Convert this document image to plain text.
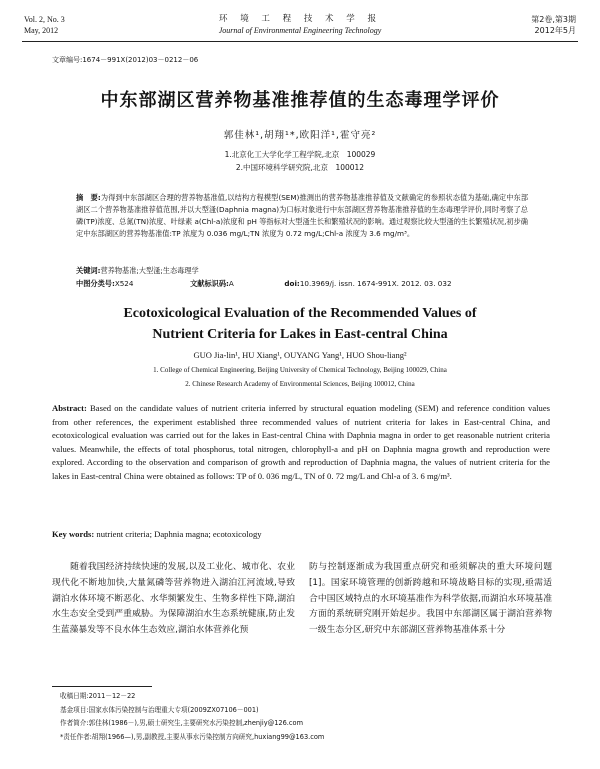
Vol. 2, No. 3
May, 2012
环 境 工 程 技 术 学 报
Journal of Environmental Engineering Technology
第2卷,第3期
2012年5月
文章编号:1674－991X(2012)03－0212－06
中东部湖区营养物基准推荐值的生态毒理学评价
郭佳林¹,胡翔¹*,欧阳洋¹,霍守亮²
1.北京化工大学化学工程学院,北京　100029
2.中国环境科学研究院,北京　100012
摘　要:为得到中东部湖区合理的营养物基准值,以结构方程模型(SEM)推测出的营养物基准推荐值及文献确定的参照状态值为基础,确定中东部湖区二个营养物基准推荐值范围,并以大型溞(Daphnia magna)为口标对象进行中东部湖区营养物基准推荐值的生态毒理学评价,同时考察了总磷(TP)浓度、总氮(TN)浓度、叶绿素 a(Chl-a)浓度和 pH 等指标对大型溞生长和繁殖状况的影响。通过观察比较大型溞的生长繁殖状况,初步确定中东部湖区的营养物基准值:TP 浓度为 0.036 mg/L;TN 浓度为 0.72 mg/L;Chl-a 浓度为 3.6 mg/m³。
关键词:营养物基准;大型溞;生态毒理学
中图分类号:X524	文献标识码:A	doi:10.3969/j. issn. 1674-991X. 2012. 03. 032
Ecotoxicological Evaluation of the Recommended Values of
Nutrient Criteria for Lakes in East-central China
GUO Jia-lin¹, HU Xiang¹, OUYANG Yang¹, HUO Shou-liang²
1. College of Chemical Engineering, Beijing University of Chemical Technology, Beijing 100029, China
2. Chinese Research Academy of Environmental Sciences, Beijing 100012, China
Abstract: Based on the candidate values of nutrient criteria inferred by structural equation modeling (SEM) and reference condition values from other references, the experiment established three recommended values of nutrient criteria for lakes in East-central China, and ecotoxicological evaluation was carried out for the lakes in East-central China with Daphnia magna in order to get reasonable nutrient criteria values. Meanwhile, the effects of total phosphorus, total nitrogen, chlorophyll-a and pH on Daphnia magna growth and reproduction were explored. According to the observation and comparison of growth and reproduction of Daphnia magna, the values of nutrient criteria for the lakes in East-central China were obtained as follows: TP of 0. 036 mg/L, TN of 0. 72 mg/L and Chl-a of 3. 6 mg/m³.
Key words: nutrient criteria; Daphnia magna; ecotoxicology
随着我国经济持续快速的发展,以及工业化、城市化、农业现代化不断地加快,大量氮磷等营养物进入湖泊江河流域,导致湖泊水体环境不断恶化、水华频繁发生、生物多样性下降,湖泊水生态安全受到严重威胁。为保障湖泊水生态系统健康,防止发生蓝藻暴发等不良水体生态效应,湖泊水体营养化预
防与控制逐渐成为我国重点研究和亟须解决的重大环境问题[1]。国家环境管理的创新跨越和环境战略目标的实现,亟需适合中国区域特点的水环境基准作为科学依据,而湖泊水环境基准方面的系统研究刚开始起步。我国中东部湖区属于湖泊营养物一级生态分区,研究中东部湖区营养物基准体系十分
收稿日期:2011－12－22
基金项目:国家水体污染控制与治理重大专项(2009ZX07106－001)
作者简介:郭佳林(1986－),男,硕士研究生,主要研究水污染控制,zhenjiy@126.com
*责任作者:胡翔(1966—),男,副教授,主要从事水污染控制方向研究,huxiang99@163.com
